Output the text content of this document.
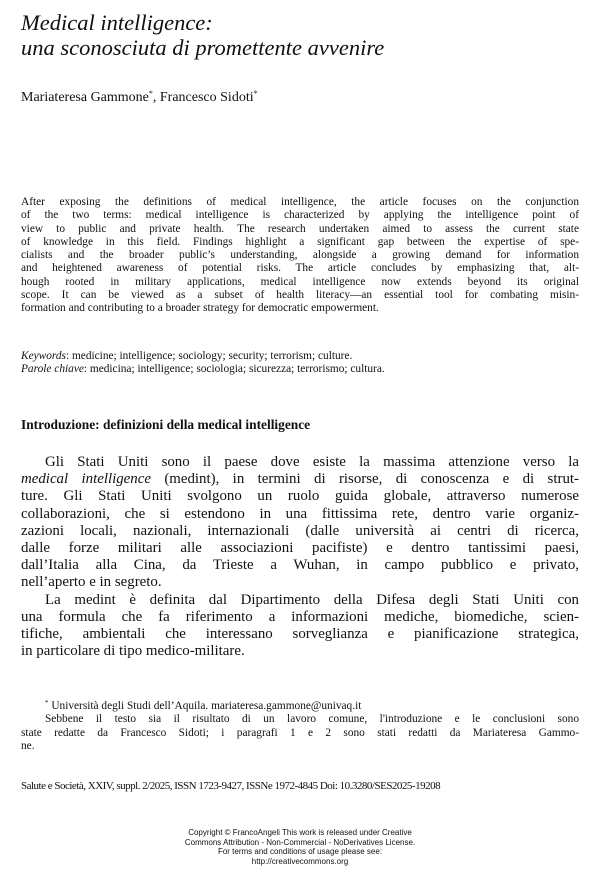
Medical intelligence:
una sconosciuta di promettente avvenire
Mariateresa Gammone*, Francesco Sidoti*
After exposing the definitions of medical intelligence, the article focuses on the conjunction
of the two terms: medical intelligence is characterized by applying the intelligence point of
view to public and private health. The research undertaken aimed to assess the current state
of knowledge in this field. Findings highlight a significant gap between the expertise of spe-
cialists and the broader public’s understanding, alongside a growing demand for information
and heightened awareness of potential risks. The article concludes by emphasizing that, alt-
hough rooted in military applications, medical intelligence now extends beyond its original
scope. It can be viewed as a subset of health literacy—an essential tool for combating misin-
formation and contributing to a broader strategy for democratic empowerment.
Keywords: medicine; intelligence; sociology; security; terrorism; culture.
Parole chiave: medicina; intelligence; sociologia; sicurezza; terrorismo; cultura.
Introduzione: definizioni della medical intelligence
Gli Stati Uniti sono il paese dove esiste la massima attenzione verso la
medical intelligence (medint), in termini di risorse, di conoscenza e di strut-
ture. Gli Stati Uniti svolgono un ruolo guida globale, attraverso numerose
collaborazioni, che si estendono in una fittissima rete, dentro varie organiz-
zazioni locali, nazionali, internazionali (dalle università ai centri di ricerca,
dalle forze militari alle associazioni pacifiste) e dentro tantissimi paesi,
dall’Italia alla Cina, da Trieste a Wuhan, in campo pubblico e privato,
nell’aperto e in segreto.
La medint è definita dal Dipartimento della Difesa degli Stati Uniti con
una formula che fa riferimento a informazioni mediche, biomediche, scien-
tifiche, ambientali che interessano sorveglianza e pianificazione strategica,
in particolare di tipo medico-militare.
* Università degli Studi dell’Aquila. mariateresa.gammone@univaq.it
Sebbene il testo sia il risultato di un lavoro comune, l'introduzione e le conclusioni sono
state redatte da Francesco Sidoti; i paragrafi 1 e 2 sono stati redatti da Mariateresa Gammo-
ne.
Salute e Società, XXIV, suppl. 2/2025, ISSN 1723-9427, ISSNe 1972-4845 Doi: 10.3280/SES2025-19208
Copyright © FrancoAngeli This work is released under Creative
Commons Attribution - Non-Commercial - NoDerivatives License.
For terms and conditions of usage please see:
http://creativecommons.org
